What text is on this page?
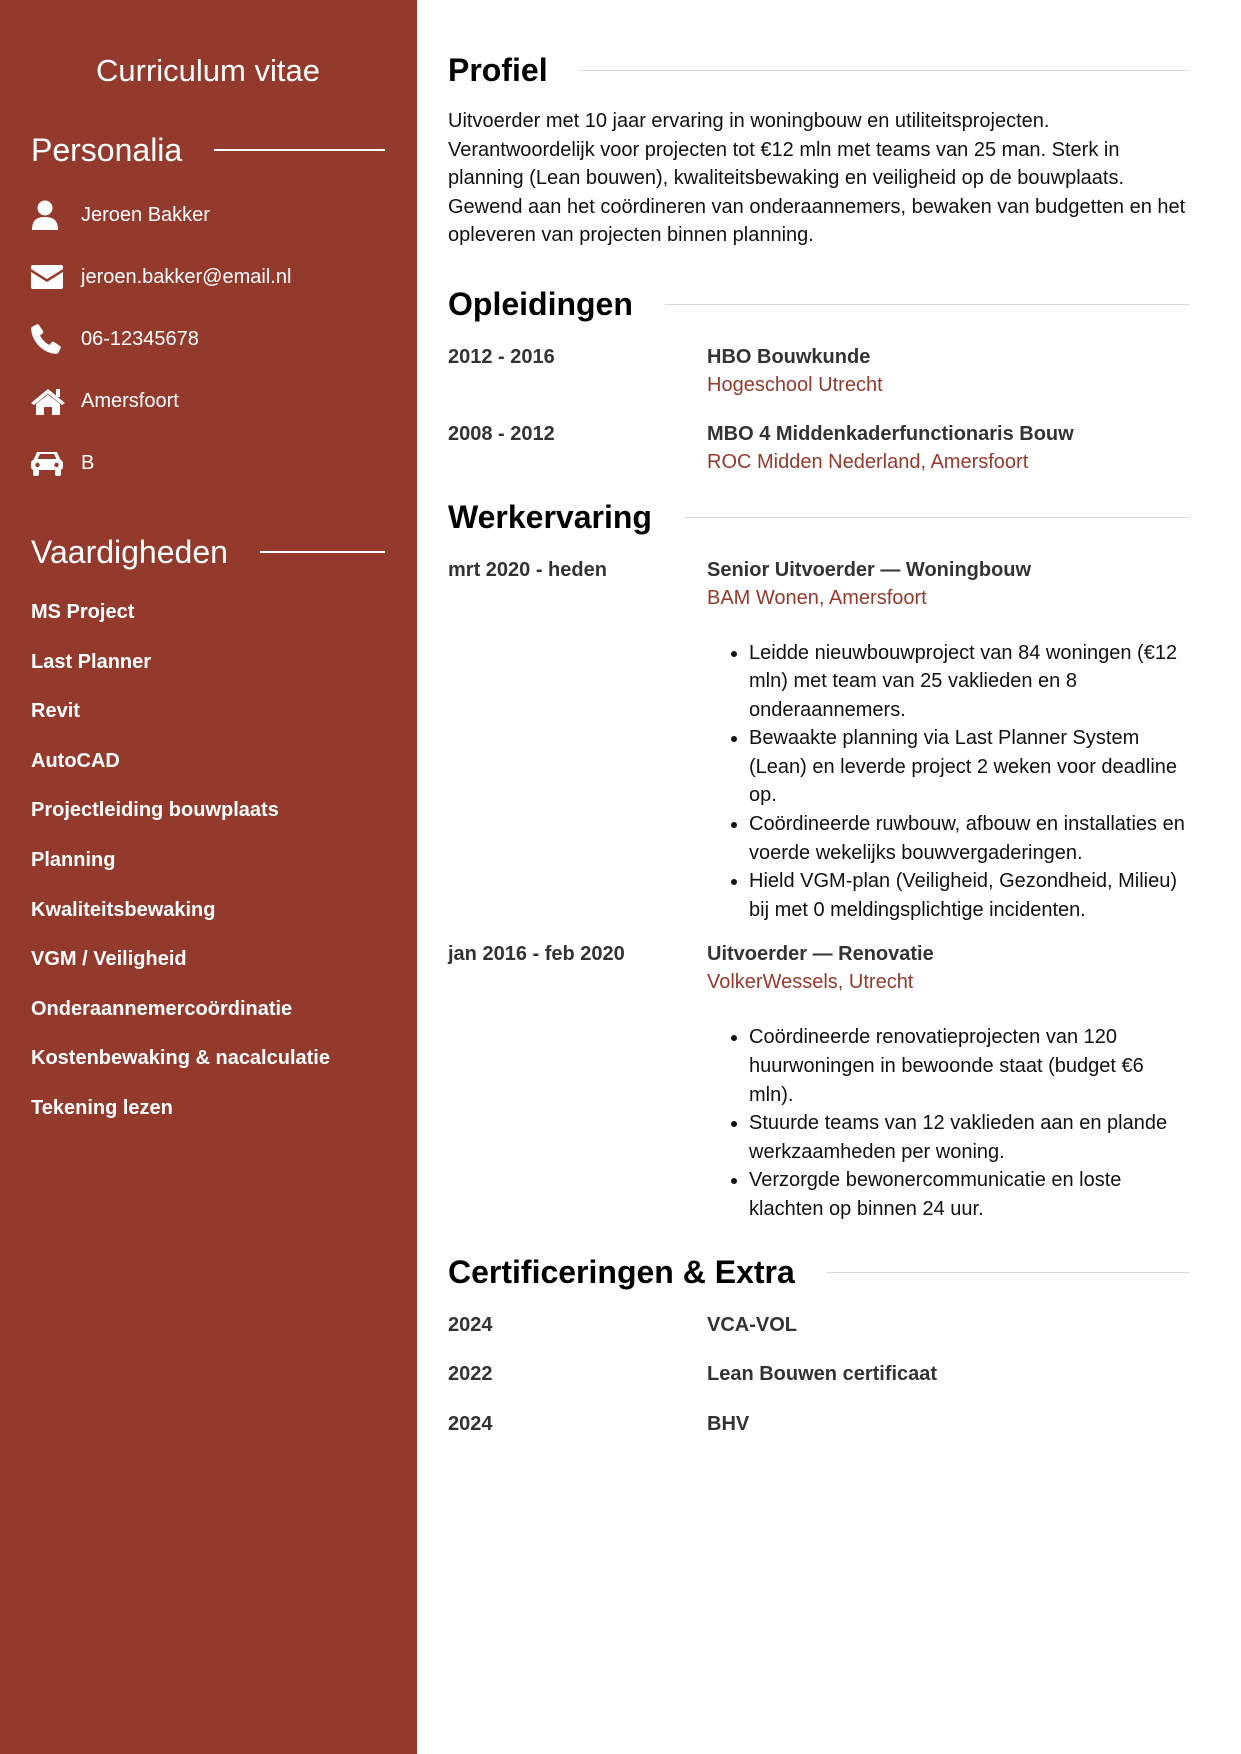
Curriculum vitae
Personalia
Jeroen Bakker
jeroen.bakker@email.nl
06-12345678
Amersfoort
B
Vaardigheden
MS Project
Last Planner
Revit
AutoCAD
Projectleiding bouwplaats
Planning
Kwaliteitsbewaking
VGM / Veiligheid
Onderaannemercoördinatie
Kostenbewaking & nacalculatie
Tekening lezen
Profiel

Uitvoerder met 10 jaar ervaring in woningbouw en utiliteitsprojecten. Verantwoordelijk voor projecten tot €12 mln met teams van 25 man. Sterk in planning (Lean bouwen), kwaliteitsbewaking en veiligheid op de bouwplaats. Gewend aan het coördineren van onderaannemers, bewaken van budgetten en het opleveren van projecten binnen planning.

Opleidingen
2012 - 2016	HBO Bouwkunde
Hogeschool Utrecht
2008 - 2012	MBO 4 Middenkaderfunctionaris Bouw
ROC Midden Nederland, Amersfoort
Werkervaring
mrt 2020 - heden	Senior Uitvoerder — Woningbouw
BAM Wonen, Amersfoort
• Leidde nieuwbouwproject van 84 woningen (€12 mln) met team van 25 vaklieden en 8 onderaannemers.
• Bewaakte planning via Last Planner System (Lean) en leverde project 2 weken voor deadline op.
• Coördineerde ruwbouw, afbouw en installaties en voerde wekelijks bouwvergaderingen.
• Hield VGM-plan (Veiligheid, Gezondheid, Milieu) bij met 0 meldingsplichtige incidenten.
jan 2016 - feb 2020	Uitvoerder — Renovatie
VolkerWessels, Utrecht
• Coördineerde renovatieprojecten van 120 huurwoningen in bewoonde staat (budget €6 mln).
• Stuurde teams van 12 vaklieden aan en plande werkzaamheden per woning.
• Verzorgde bewonercommunicatie en loste klachten op binnen 24 uur.
Certificeringen & Extra
2024	VCA-VOL
2022	Lean Bouwen certificaat
2024	BHV
